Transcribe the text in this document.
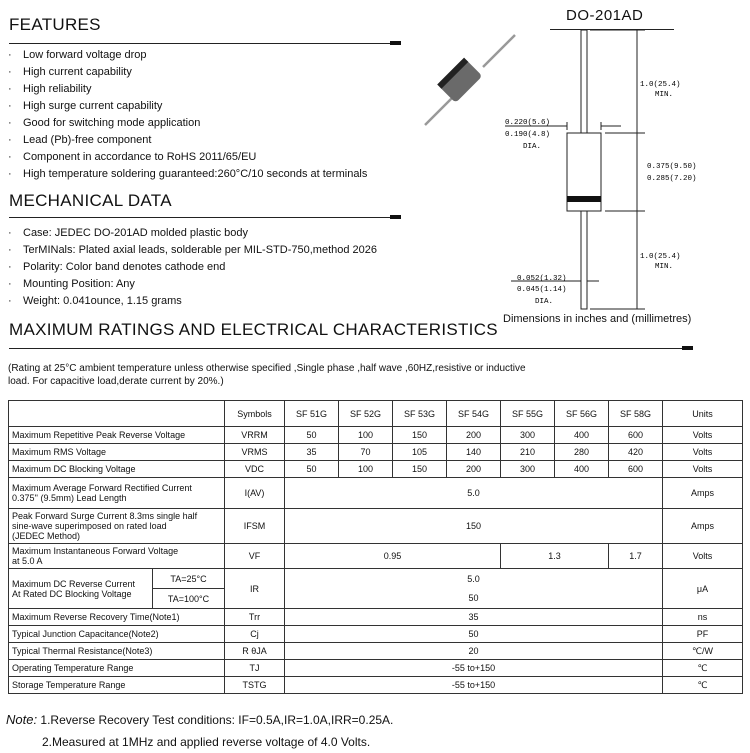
FEATURES
· Low forward voltage drop
· High current capability
· High reliability
· High surge current capability
· Good for switching mode application
· Lead (Pb)-free component
· Component in accordance to RoHS 2011/65/EU
· High temperature soldering guaranteed:260°C/10 seconds at terminals
MECHANICAL DATA
· Case: JEDEC DO-201AD molded plastic body
· TerMINals: Plated axial leads, solderable per MIL-STD-750,method 2026
· Polarity: Color band denotes cathode end
· Mounting Position: Any
· Weight: 0.041ounce, 1.15 grams
DO-201AD
1.0(25.4)
MIN.
0.220(5.6)
0.190(4.8)
DIA.
0.375(9.50)
0.285(7.20)
1.0(25.4)
MIN.
0.052(1.32)
0.045(1.14)
DIA.
Dimensions in inches and (millimetres)
MAXIMUM RATINGS AND ELECTRICAL CHARACTERISTICS
(Rating at 25°C ambient temperature unless otherwise specified ,Single phase ,half wave ,60HZ,resistive or inductive
load. For capacitive load,derate current by 20%.)
		Symbols	SF 51G	SF 52G	SF 53G	SF 54G	SF 55G	SF 56G	SF 58G	Units
Maximum Repetitive Peak Reverse Voltage		VRRM	50	100	150	200	300	400	600	Volts
Maximum RMS Voltage		VRMS	35	70	105	140	210	280	420	Volts
Maximum DC Blocking Voltage		VDC	50	100	150	200	300	400	600	Volts

Maximum Average Forward Rectified Current
0.375'' (9.5mm) Lead Length		I(AV)	5.0							Amps

Peak Forward Surge Current 8.3ms single half
sine-wave superimposed on rated load
(JEDEC Method)		IFSM	150							Amps

Maximum Instantaneous Forward Voltage
at 5.0 A		VF	0.95				1.3		1.7	Volts

Maximum DC Reverse Current
At Rated DC Blocking Voltage	TA=25°C	IR	5.0							μA
	TA=100°C		50							
Maximum Reverse Recovery Time(Note1)		Trr	35							ns
Typical Junction Capacitance(Note2)		Cj	50							PF
Typical Thermal Resistance(Note3)		R θJA	20							℃/W
Operating Temperature Range		TJ	-55 to+150							℃
Storage Temperature Range		TSTG	-55 to+150							℃
Note: 1.Reverse Recovery Test conditions: IF=0.5A,IR=1.0A,IRR=0.25A.
2.Measured at 1MHz and applied reverse voltage of 4.0 Volts.
